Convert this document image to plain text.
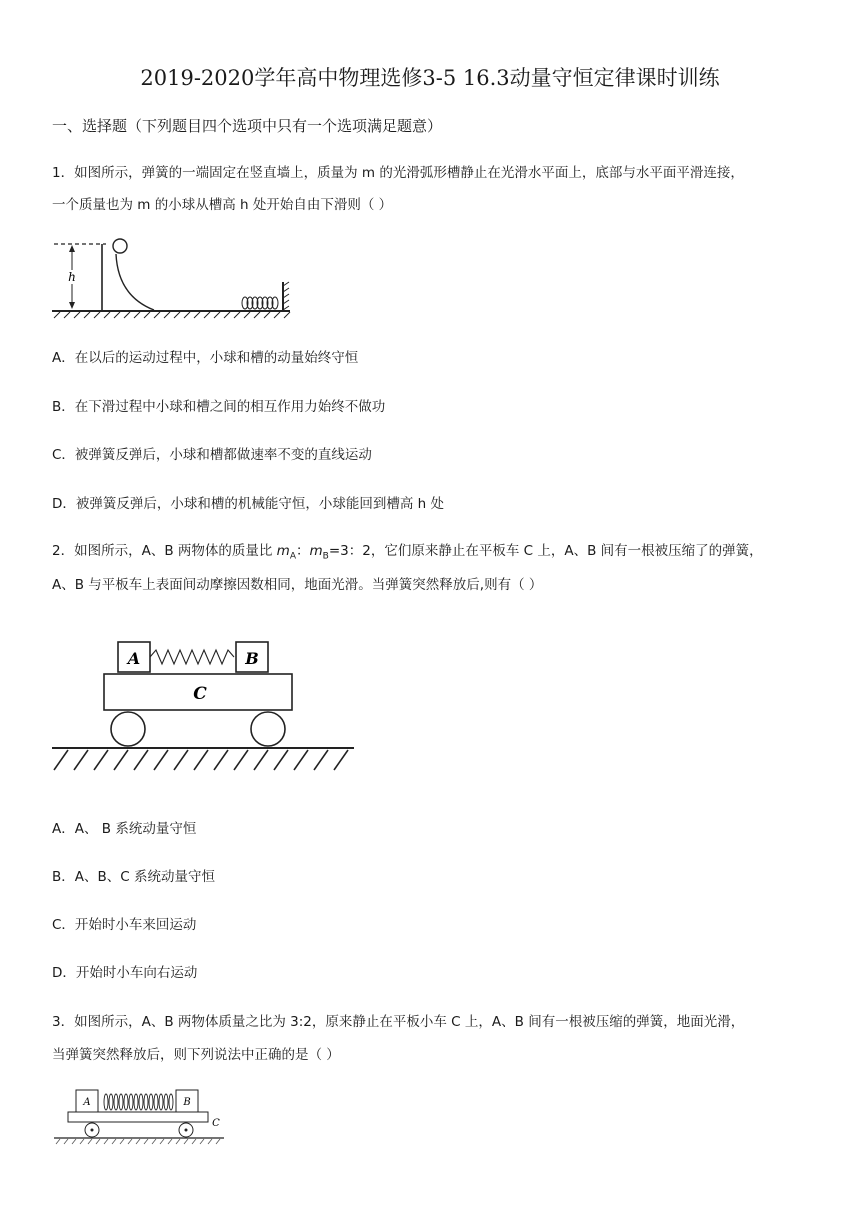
2019-2020学年高中物理选修3-5 16.3动量守恒定律课时训练
一、选择题（下列题目四个选项中只有一个选项满足题意）
1．如图所示，弹簧的一端固定在竖直墙上，质量为 m 的光滑弧形槽静止在光滑水平面上，底部与水平面平滑连接，
一个质量也为 m 的小球从槽高 h 处开始自由下滑则（ ）
h
A．在以后的运动过程中，小球和槽的动量始终守恒
B．在下滑过程中小球和槽之间的相互作用力始终不做功
C．被弹簧反弹后，小球和槽都做速率不变的直线运动
D．被弹簧反弹后，小球和槽的机械能守恒，小球能回到槽高 h 处
2．如图所示，A、B 两物体的质量比 $m_A$：$m_B=3$：2，它们原来静止在平板车 C 上，A、B 间有一根被压缩了的弹簧，
A、B 与平板车上表面间动摩擦因数相同，地面光滑。当弹簧突然释放后,则有（ ）
A	B
C
A．A、 B 系统动量守恒
B．A、B、C 系统动量守恒
C．开始时小车来回运动
D．开始时小车向右运动
3．如图所示，A、B 两物体质量之比为 3:2，原来静止在平板小车 C 上，A、B 间有一根被压缩的弹簧，地面光滑，
当弹簧突然释放后，则下列说法中正确的是（ ）
A	B
C
